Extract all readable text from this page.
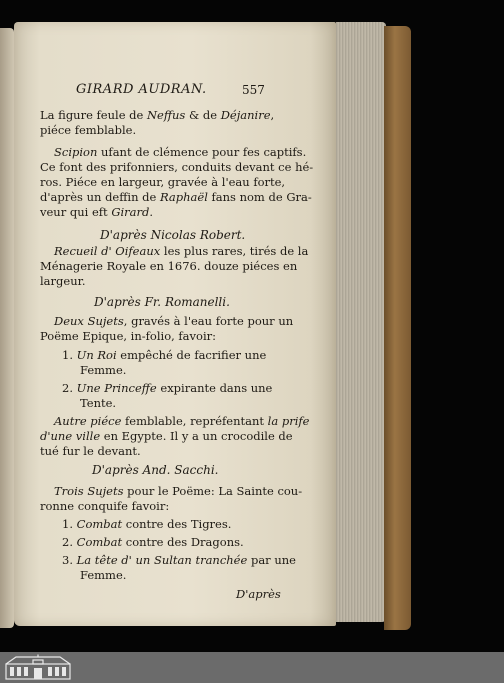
GIRARD AUDRAN.	557
La figure feule de Neffus & de Déjanire,
piéce femblable.
Scipion ufant de clémence pour fes captifs.
Ce font des prifonniers, conduits devant ce hé-
ros. Piéce en largeur, gravée à l'eau forte,
d'après un deffin de Raphaël fans nom de Gra-
veur qui eft Girard.
D'après Nicolas Robert.
Recueil d' Oifeaux les plus rares, tirés de la
Ménagerie Royale en 1676. douze piéces en
largeur.
D'après Fr. Romanelli.
Deux Sujets, gravés à l'eau forte pour un
Poëme Epique, in-folio, favoir:
1. Un Roi empêché de facrifier une
Femme.
2. Une Princeffe expirante dans une
Tente.
Autre piéce femblable, repréfentant la prife
d'une ville en Egypte. Il y a un crocodile de
tué fur le devant.
D'après And. Sacchi.
Trois Sujets pour le Poëme: La Sainte cou-
ronne conquife favoir:
1. Combat contre des Tigres.
2. Combat contre des Dragons.
3. La tête d' un Sultan tranchée par une
Femme.
D'après
